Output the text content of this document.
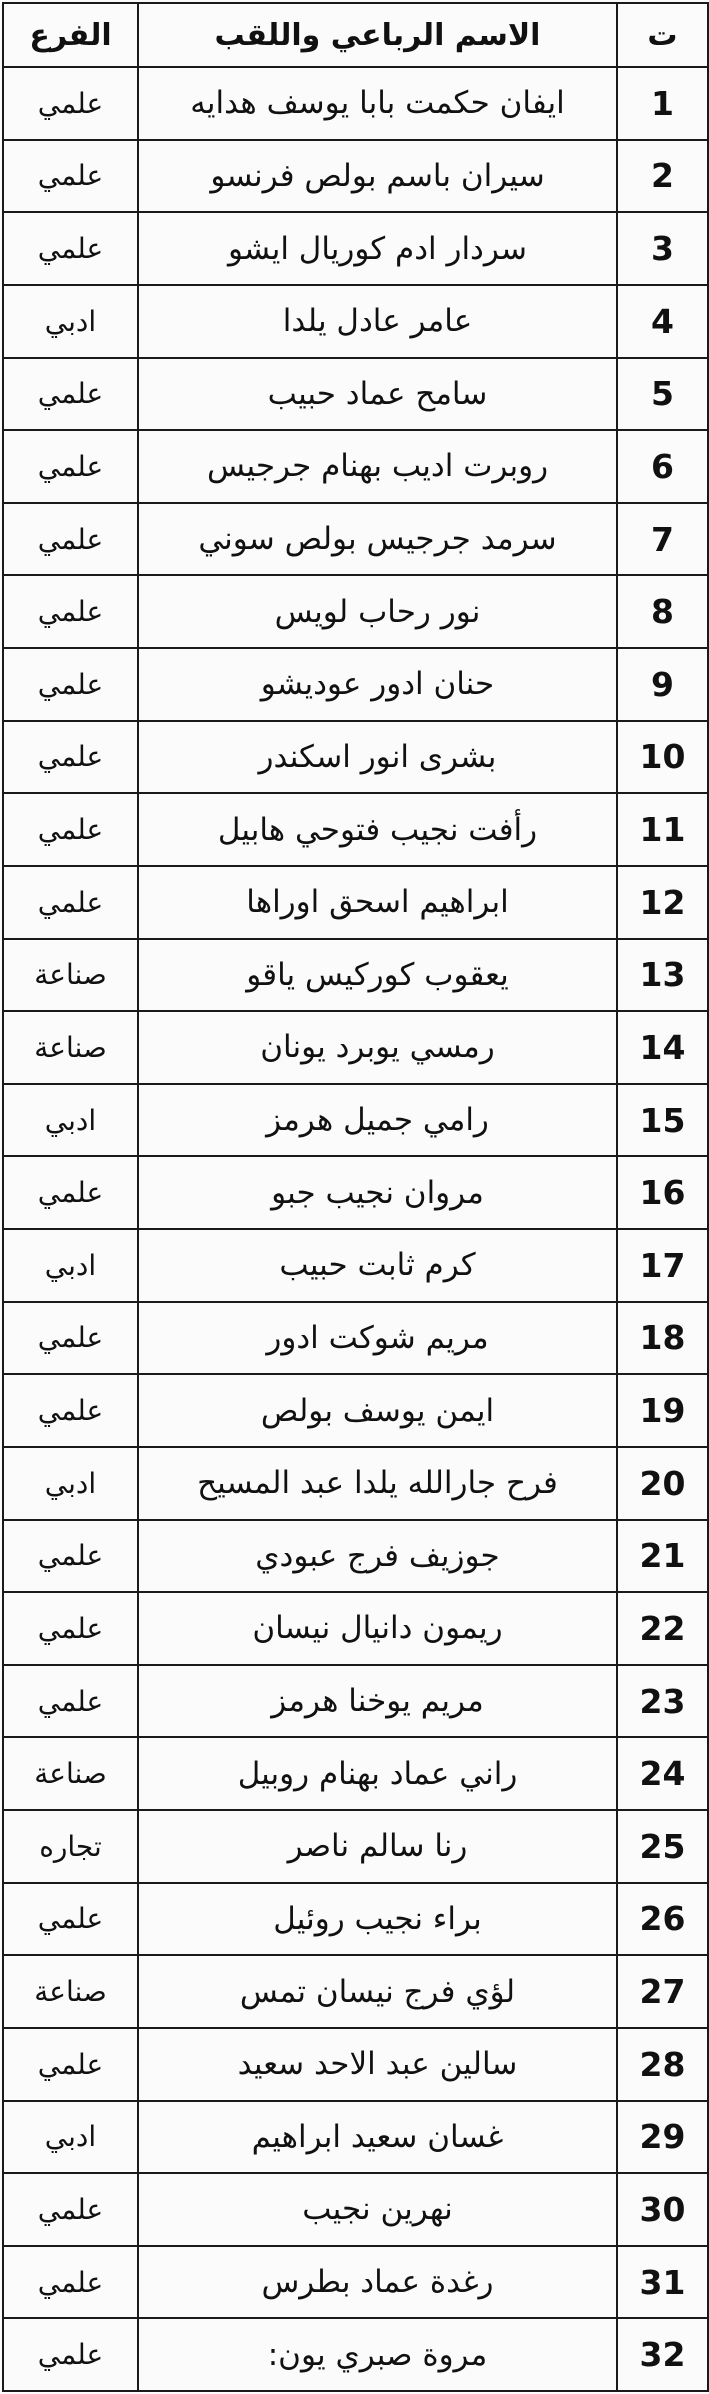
ت	الاسم الرباعي واللقب	الفرع
1	ايفان حكمت بابا يوسف هدايه	علمي
2	سيران باسم بولص فرنسو	علمي
3	سردار ادم كوريال ايشو	علمي
4	عامر عادل يلدا	ادبي
5	سامح عماد حبيب	علمي
6	روبرت اديب بهنام جرجيس	علمي
7	سرمد جرجيس بولص سوني	علمي
8	نور رحاب لويس	علمي
9	حنان ادور عوديشو	علمي
10	بشرى انور اسكندر	علمي
11	رأفت نجيب فتوحي هابيل	علمي
12	ابراهيم اسحق اوراها	علمي
13	يعقوب كوركيس ياقو	صناعة
14	رمسي يوبرد يونان	صناعة
15	رامي جميل هرمز	ادبي
16	مروان نجيب جبو	علمي
17	كرم ثابت حبيب	ادبي
18	مريم شوكت ادور	علمي
19	ايمن يوسف بولص	علمي
20	فرح جارالله يلدا عبد المسيح	ادبي
21	جوزيف فرج عبودي	علمي
22	ريمون دانيال نيسان	علمي
23	مريم يوخنا هرمز	علمي
24	راني عماد بهنام روبيل	صناعة
25	رنا سالم ناصر	تجاره
26	براء نجيب روئيل	علمي
27	لؤي فرج نيسان تمس	صناعة
28	سالين عبد الاحد سعيد	علمي
29	غسان سعيد ابراهيم	ادبي
30	نهرين نجيب	علمي
31	رغدة عماد بطرس	علمي
32	مروة صبري يون:	علمي
